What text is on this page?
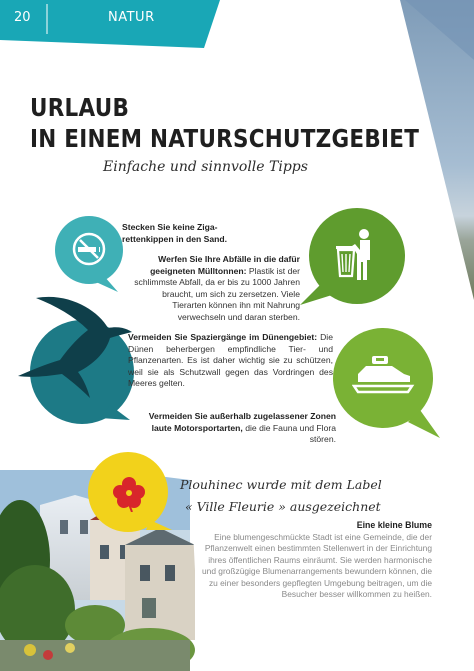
20	NATUR
URLAUB
IN EINEM NATURSCHUTZGEBIET
Einfache und sinnvolle Tipps
Stecken Sie keine Ziga-rettenkippen in den Sand.
Werfen Sie Ihre Abfälle in die dafür geeigneten Mülltonnen: Plastik ist der schlimmste Abfall, da er bis zu 1000 Jahren braucht, um sich zu zersetzen. Viele Tierarten können ihn mit Nahrung verwechseln und daran sterben.
Vermeiden Sie Spaziergänge im Dünengebiet: Die Dünen beherbergen empfindliche Tier- und Pflanzenarten. Es ist daher wichtig sie zu schützen, weil sie als Schutzwall gegen das Vordringen des Meeres gelten.
Vermeiden Sie außerhalb zugelassener Zonen laute Motorsportarten, die die Fauna und Flora stören.
Plouhinec wurde mit dem Label
« Ville Fleurie » ausgezeichnet
Eine kleine Blume
Eine blumengeschmückte Stadt ist eine Gemeinde, die der Pflanzenwelt einen bestimmten Stellenwert in der Einrichtung ihres öffentlichen Raums einräumt. Sie werden harmonische und großzügige Blumenarrangements bewundern können, die zu einer besonders gepflegten Umgebung beitragen, um die Besucher besser willkommen zu heißen.
